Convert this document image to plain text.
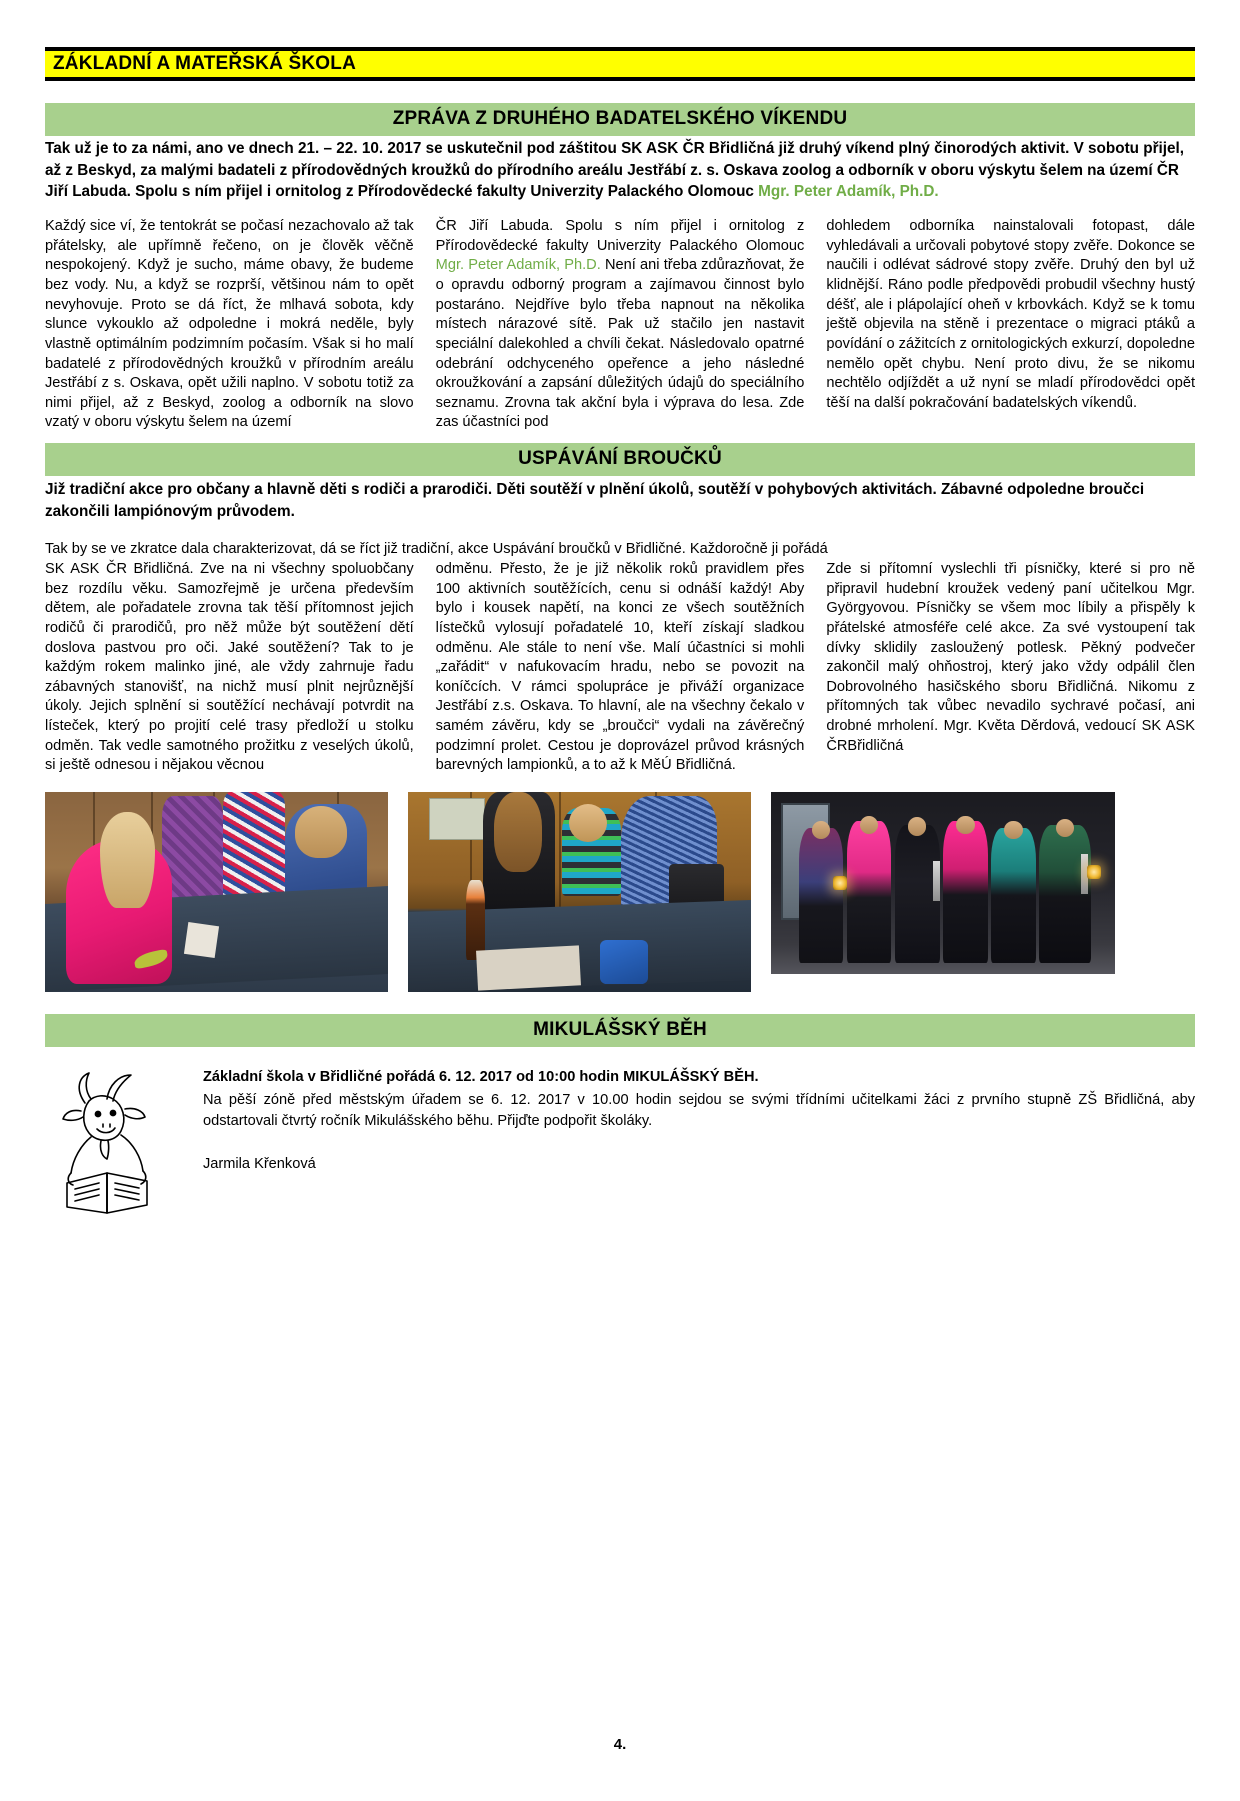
ZÁKLADNÍ A MATEŘSKÁ ŠKOLA
ZPRÁVA Z DRUHÉHO BADATELSKÉHO VÍKENDU
Tak už je to za námi, ano ve dnech 21. – 22. 10. 2017 se uskutečnil pod záštitou SK ASK ČR Břidličná již druhý víkend plný činorodých aktivit. V sobotu přijel, až z Beskyd, za malými badateli z přírodovědných kroužků do přírodního areálu Jestřábí z. s. Oskava zoolog a odborník v oboru výskytu šelem na území ČR Jiří Labuda. Spolu s ním přijel i ornitolog z Přírodovědecké fakulty Univerzity Palackého Olomouc Mgr. Peter Adamík, Ph.D.

Každý sice ví, že tentokrát se počasí nezachovalo až tak přátelsky, ale upřímně řečeno, on je člověk věčně nespokojený. Když je sucho, máme obavy, že budeme bez vody. Nu, a když se rozprší, většinou nám to opět nevyhovuje. Proto se dá říct, že mlhavá sobota, kdy slunce vykouklo až odpoledne i mokrá neděle, byly vlastně optimálním podzimním počasím. Však si ho malí badatelé z přírodovědných kroužků v přírodním areálu Jestřábí z s. Oskava, opět užili naplno. V sobotu totiž za nimi přijel, až z Beskyd, zoolog a odborník na slovo vzatý v oboru výskytu šelem na území

ČR Jiří Labuda. Spolu s ním přijel i ornitolog z Přírodovědecké fakulty Univerzity Palackého Olomouc Mgr. Peter Adamík, Ph.D. Není ani třeba zdůrazňovat, že o opravdu odborný program a zajímavou činnost bylo postaráno. Nejdříve bylo třeba napnout na několika místech nárazové sítě. Pak už stačilo jen nastavit speciální dalekohled a chvíli čekat. Následovalo opatrné odebrání odchyceného opeřence a jeho následné okroužkování a zapsání důležitých údajů do speciálního seznamu. Zrovna tak akční byla i výprava do lesa. Zde zas účastníci pod

dohledem odborníka nainstalovali fotopast, dále vyhledávali a určovali pobytové stopy zvěře. Dokonce se naučili i odlévat sádrové stopy zvěře. Druhý den byl už klidnější. Ráno podle předpovědi probudil všechny hustý déšť, ale i plápolající oheň v krbovkách. Když se k tomu ještě objevila na stěně i prezentace o migraci ptáků a povídání o zážitcích z ornitologických exkurzí, dopoledne nemělo opět chybu. Není proto divu, že se nikomu nechtělo odjíždět a už nyní se mladí přírodovědci opět těší na další pokračování badatelských víkendů.

USPÁVÁNÍ BROUČKŮ
Již tradiční akce pro občany a hlavně děti s rodiči a prarodiči. Děti soutěží v plnění úkolů, soutěží v pohybových aktivitách. Zábavné odpoledne broučci zakončili lampiónovým průvodem.
Tak by se ve zkratce dala charakterizovat, dá se říct již tradiční, akce Uspávání broučků v Břidličné. Každoročně ji pořádá

SK ASK ČR Břidličná. Zve na ni všechny spoluobčany bez rozdílu věku. Samozřejmě je určena především dětem, ale pořadatele zrovna tak těší přítomnost jejich rodičů či prarodičů, pro něž může být soutěžení dětí doslova pastvou pro oči. Jaké soutěžení? Tak to je každým rokem malinko jiné, ale vždy zahrnuje řadu zábavných stanovišť, na nichž musí plnit nejrůznější úkoly. Jejich splnění si soutěžící nechávají potvrdit na lísteček, který po projití celé trasy předloží u stolku odměn. Tak vedle samotného prožitku z veselých úkolů, si ještě odnesou i nějakou věcnou

odměnu. Přesto, že je již několik roků pravidlem přes 100 aktivních soutěžících, cenu si odnáší každý! Aby bylo i kousek napětí, na konci ze všech soutěžních lístečků vylosují pořadatelé 10, kteří získají sladkou odměnu. Ale stále to není vše. Malí účastníci si mohli „zařádit“ v nafukovacím hradu, nebo se povozit na koníčcích. V rámci spolupráce je přiváží organizace Jestřábí z.s. Oskava. To hlavní, ale na všechny čekalo v samém závěru, kdy se „broučci“ vydali na závěrečný podzimní prolet. Cestou je doprovázel průvod krásných barevných lampionků, a to až k MěÚ Břidličná.

Zde si přítomní vyslechli tři písničky, které si pro ně připravil hudební kroužek vedený paní učitelkou Mgr. Györgyovou. Písničky se všem moc líbily a přispěly k přátelské atmosféře celé akce. Za své vystoupení tak dívky sklidily zasloužený potlesk. Pěkný podvečer zakončil malý ohňostroj, který jako vždy odpálil člen Dobrovolného hasičského sboru Břidličná. Nikomu z přítomných tak vůbec nevadilo sychravé počasí, ani drobné mrholení. Mgr. Květa Děrdová, vedoucí SK ASK ČRBřidličná

MIKULÁŠSKÝ BĚH
Základní škola v Břidličné pořádá 6. 12. 2017 od 10:00 hodin MIKULÁŠSKÝ BĚH.
Na pěší zóně před městským úřadem se 6. 12. 2017 v 10.00 hodin sejdou se svými třídními učitelkami žáci z prvního stupně ZŠ Břidličná, aby odstartovali čtvrtý ročník Mikulášského běhu. Přijďte podpořit školáky.
Jarmila Křenková
4.
